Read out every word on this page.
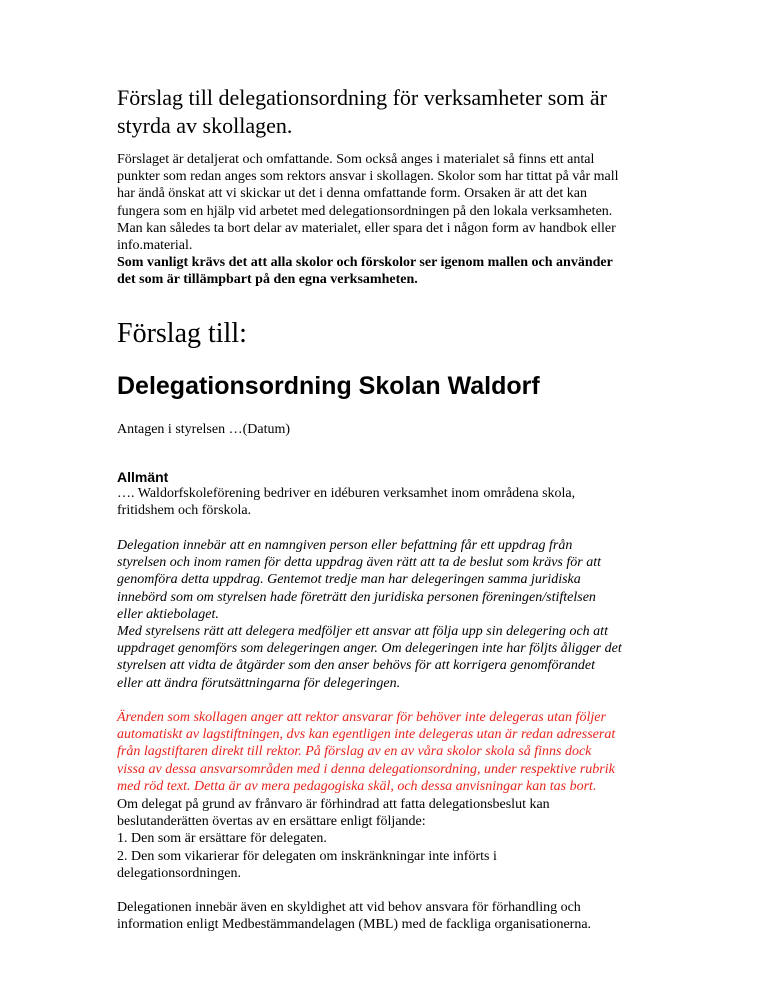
Förslag till delegationsordning för verksamheter som är
styrda av skollagen.
Förslaget är detaljerat och omfattande. Som också anges i materialet så finns ett antal
punkter som redan anges som rektors ansvar i skollagen. Skolor som har tittat på vår mall
har ändå önskat att vi skickar ut det i denna omfattande form. Orsaken är att det kan
fungera som en hjälp vid arbetet med delegationsordningen på den lokala verksamheten.
Man kan således ta bort delar av materialet, eller spara det i någon form av handbok eller
info.material.
Som vanligt krävs det att alla skolor och förskolor ser igenom mallen och använder
det som är tillämpbart på den egna verksamheten.
Förslag till:
Delegationsordning Skolan Waldorf
Antagen i styrelsen …(Datum)
Allmänt
…. Waldorfskoleförening bedriver en idéburen verksamhet inom områdena skola,
fritidshem och förskola.
Delegation innebär att en namngiven person eller befattning får ett uppdrag från
styrelsen och inom ramen för detta uppdrag även rätt att ta de beslut som krävs för att
genomföra detta uppdrag. Gentemot tredje man har delegeringen samma juridiska
innebörd som om styrelsen hade företrätt den juridiska personen föreningen/stiftelsen
eller aktiebolaget.
Med styrelsens rätt att delegera medföljer ett ansvar att följa upp sin delegering och att
uppdraget genomförs som delegeringen anger. Om delegeringen inte har följts åligger det
styrelsen att vidta de åtgärder som den anser behövs för att korrigera genomförandet
eller att ändra förutsättningarna för delegeringen.
Ärenden som skollagen anger att rektor ansvarar för behöver inte delegeras utan följer
automatiskt av lagstiftningen, dvs kan egentligen inte delegeras utan är redan adresserat
från lagstiftaren direkt till rektor. På förslag av en av våra skolor skola så finns dock
vissa av dessa ansvarsområden med i denna delegationsordning, under respektive rubrik
med röd text. Detta är av mera pedagogiska skäl, och dessa anvisningar kan tas bort.
Om delegat på grund av frånvaro är förhindrad att fatta delegationsbeslut kan
beslutanderätten övertas av en ersättare enligt följande:
1. Den som är ersättare för delegaten.
2. Den som vikarierar för delegaten om inskränkningar inte införts i
delegationsordningen.
Delegationen innebär även en skyldighet att vid behov ansvara för förhandling och
information enligt Medbestämmandelagen (MBL) med de fackliga organisationerna.
